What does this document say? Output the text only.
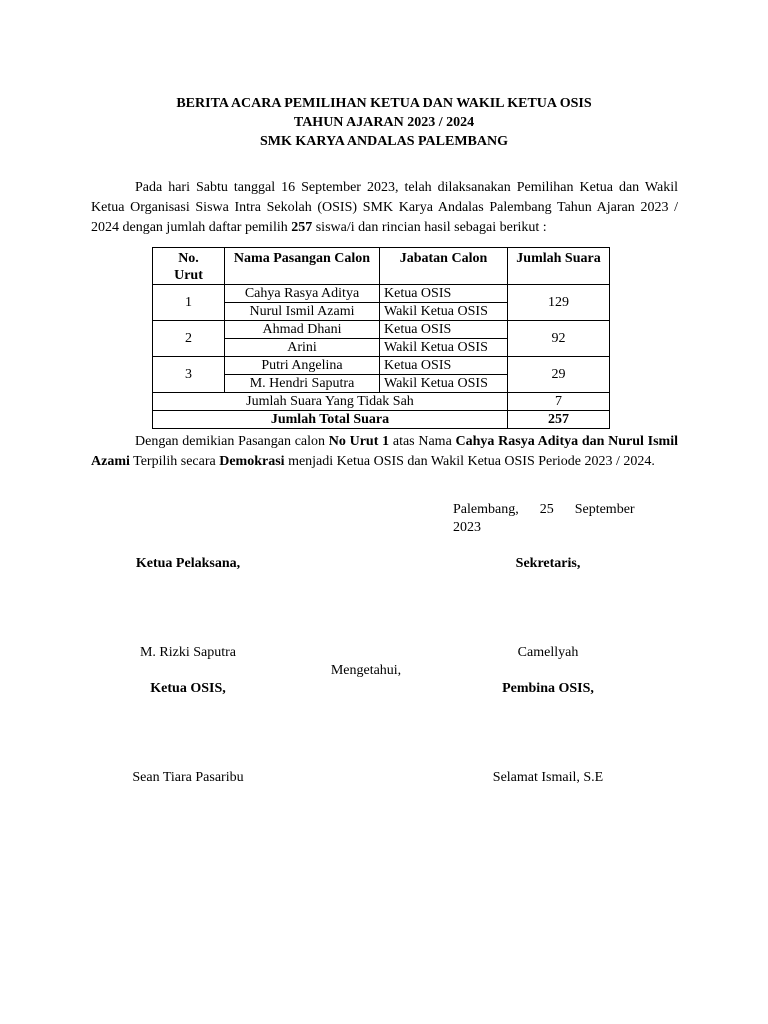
BERITA ACARA PEMILIHAN KETUA DAN WAKIL KETUA OSIS
TAHUN AJARAN 2023 / 2024
SMK KARYA ANDALAS PALEMBANG
Pada hari Sabtu tanggal 16 September 2023, telah dilaksanakan Pemilihan Ketua dan Wakil Ketua Organisasi Siswa Intra Sekolah (OSIS) SMK Karya Andalas Palembang Tahun Ajaran 2023 / 2024 dengan jumlah daftar pemilih 257 siswa/i dan rincian hasil sebagai berikut :
No.
Urut	Nama Pasangan Calon	Jabatan Calon	Jumlah Suara
1	Cahya Rasya Aditya	Ketua OSIS	129
	Nurul Ismil Azami	Wakil Ketua OSIS	
2	Ahmad Dhani	Ketua OSIS	92
	Arini	Wakil Ketua OSIS	
3	Putri Angelina	Ketua OSIS	29
	M. Hendri Saputra	Wakil Ketua OSIS	
Jumlah Suara Yang Tidak Sah			7
Jumlah Total Suara			257
Dengan demikian Pasangan calon No Urut 1 atas Nama Cahya Rasya Aditya dan Nurul Ismil Azami Terpilih secara Demokrasi menjadi Ketua OSIS dan Wakil Ketua OSIS Periode 2023 / 2024.
Palembang,      25      September
2023
Ketua Pelaksana,	Sekretaris,
M. Rizki Saputra	Camellyah
Mengetahui,
Ketua OSIS,	Pembina OSIS,
Sean Tiara Pasaribu	Selamat Ismail, S.E
